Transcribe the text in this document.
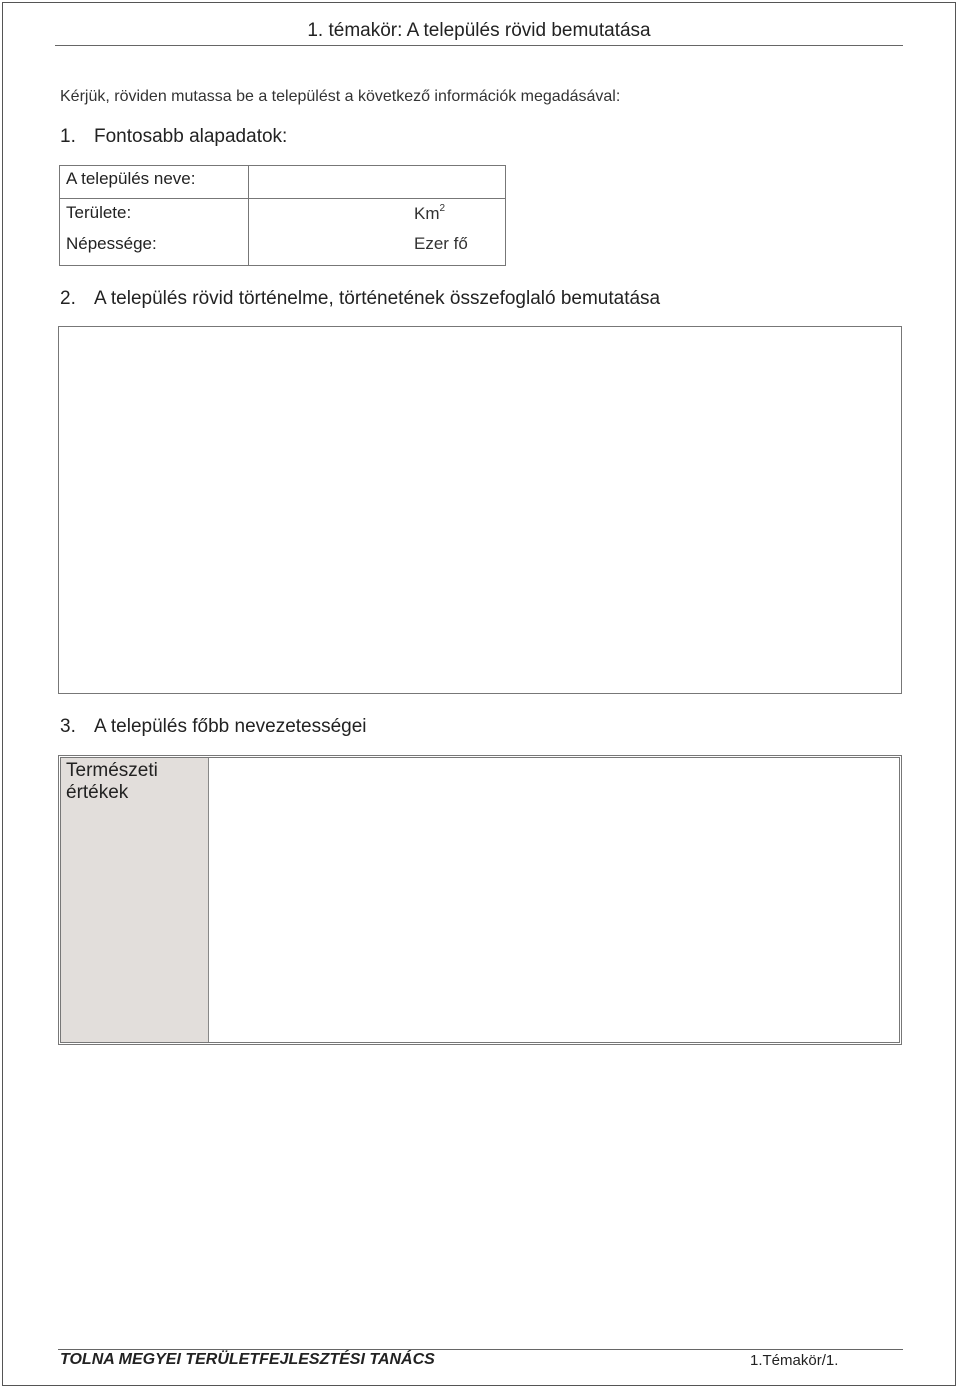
1. témakör: A település rövid bemutatása
Kérjük, röviden mutassa be a települést a következő információk megadásával:
1. Fontosabb alapadatok:
A település neve:
Területe:
Népessége:
Km$^2$
Ezer fő
2. A település rövid történelme, történetének összefoglaló bemutatása
3. A település főbb nevezetességei
Természeti értékek
TOLNA MEGYEI TERÜLETFEJLESZTÉSI TANÁCS	1.Témakör/1.
